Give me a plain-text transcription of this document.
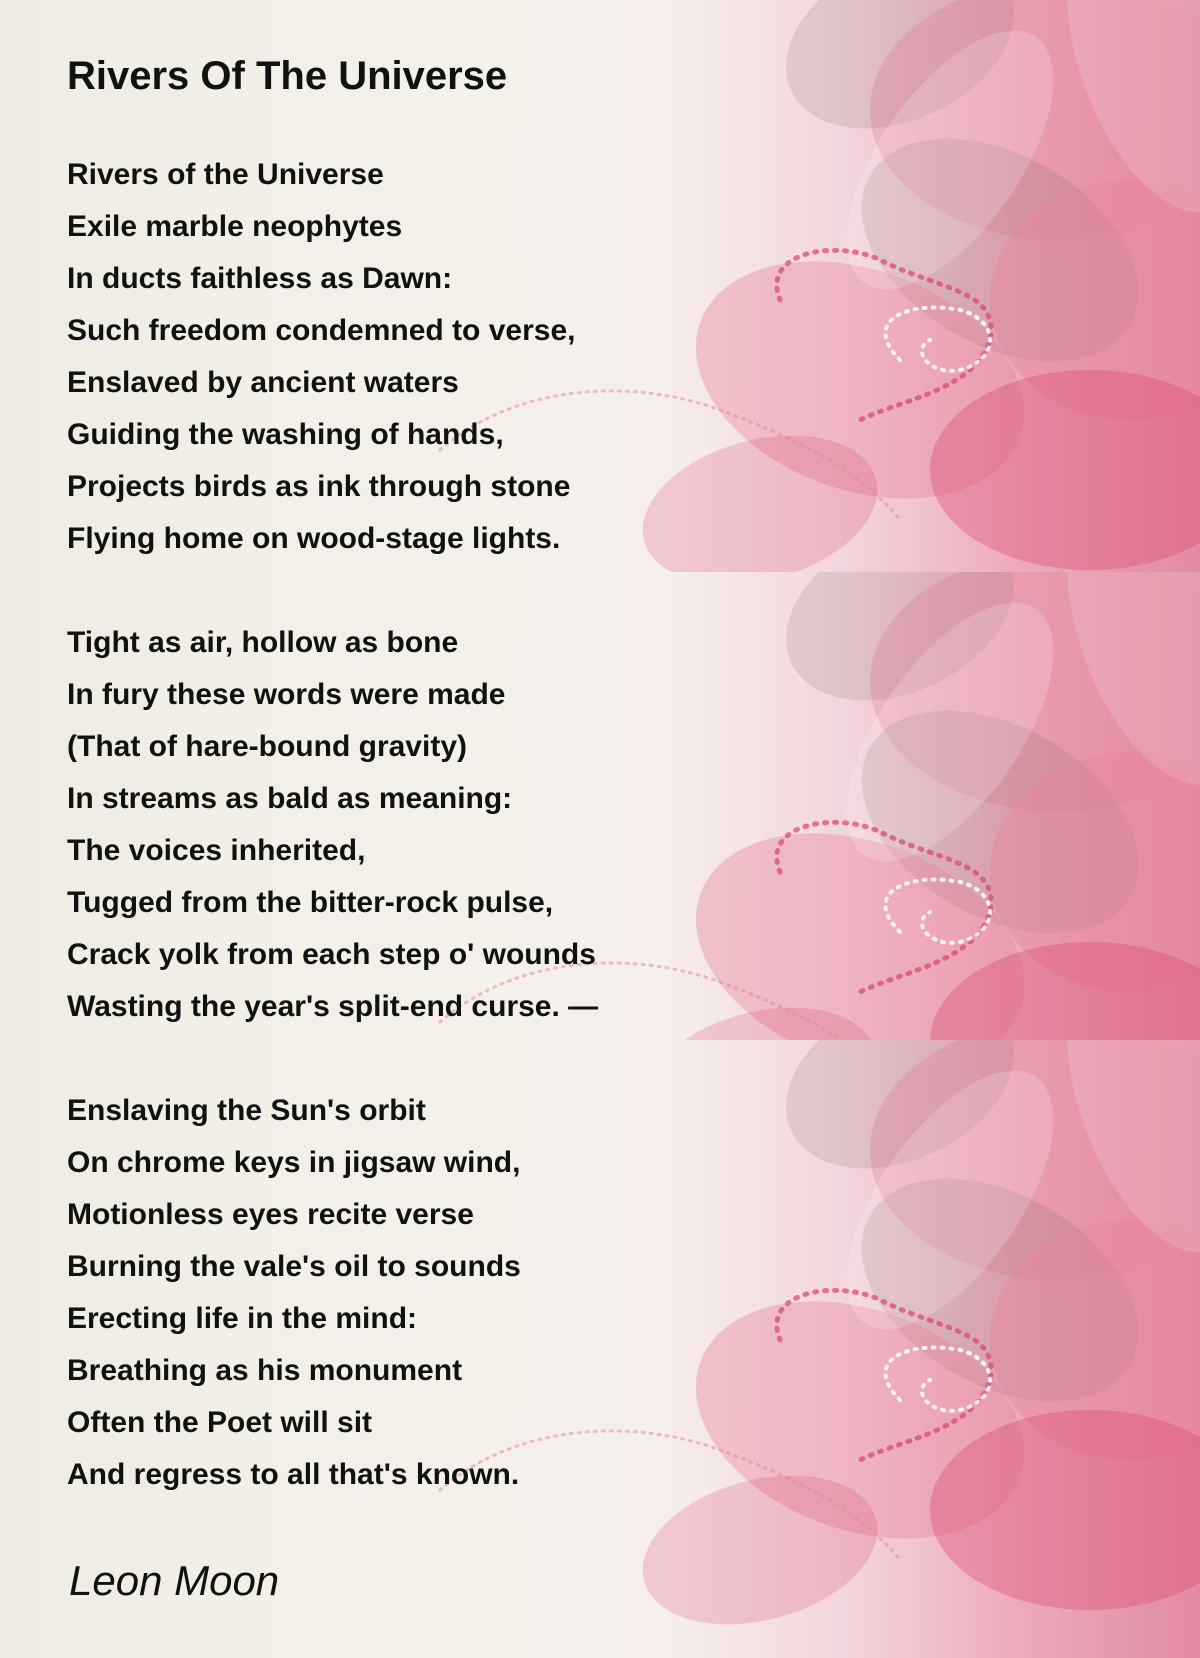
Rivers Of The Universe
Rivers of the Universe
Exile marble neophytes
In ducts faithless as Dawn:
Such freedom condemned to verse,
Enslaved by ancient waters
Guiding the washing of hands,
Projects birds as ink through stone
Flying home on wood-stage lights.
Tight as air, hollow as bone
In fury these words were made
(That of hare-bound gravity)
In streams as bald as meaning:
The voices inherited,
Tugged from the bitter-rock pulse,
Crack yolk from each step o' wounds
Wasting the year's split-end curse. —
Enslaving the Sun's orbit
On chrome keys in jigsaw wind,
Motionless eyes recite verse
Burning the vale's oil to sounds
Erecting life in the mind:
Breathing as his monument
Often the Poet will sit
And regress to all that's known.
Leon Moon
